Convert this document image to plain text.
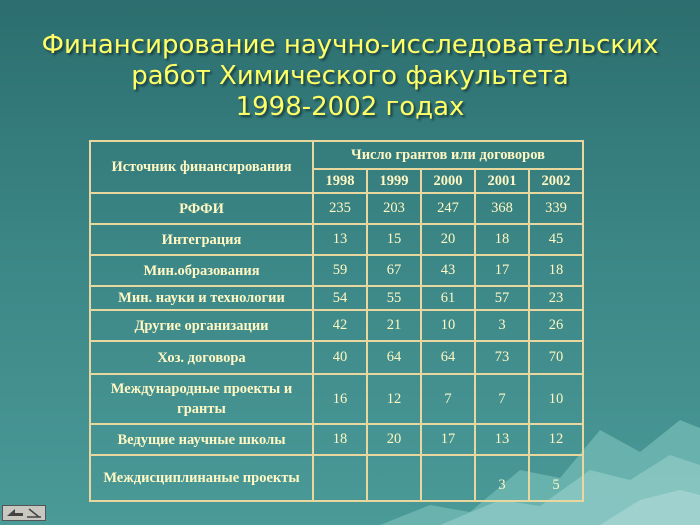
Финансирование научно-исследовательских
работ Химического факультета
1998-2002 годах
Источник финансирования	Число грантов или договоров				
	1998	1999	2000	2001	2002
РФФИ	235	203	247	368	339
Интеграция	13	15	20	18	45
Мин.образования	59	67	43	17	18
Мин. науки и технологии	54	55	61	57	23
Другие организации	42	21	10	3	26
Хоз. договора	40	64	64	73	70
Международные проекты и гранты	16	12	7	7	10
Ведущие научные школы	18	20	17	13	12
Междисциплинаные проекты				3	5
